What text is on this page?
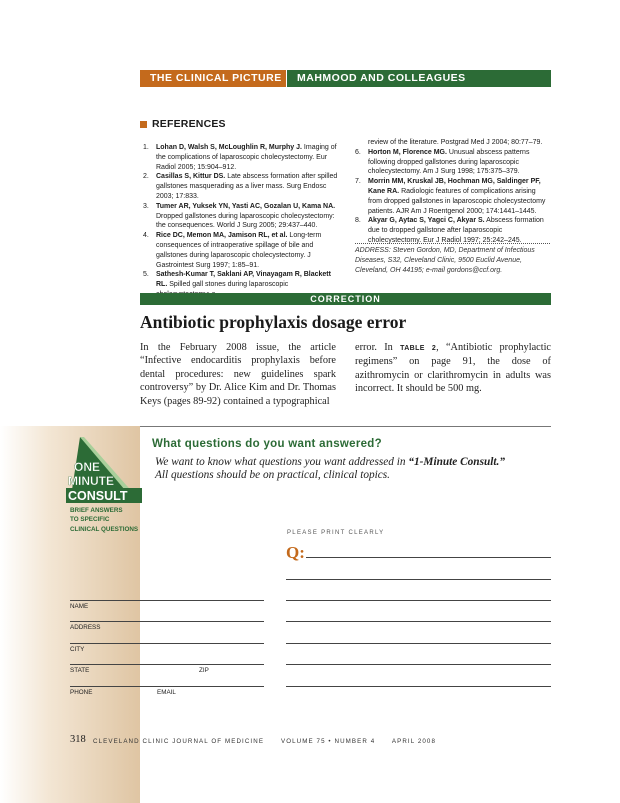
THE CLINICAL PICTURE	MAHMOOD AND COLLEAGUES
REFERENCES
1.	Lohan D, Walsh S, McLoughlin R, Murphy J. Imaging of the complications of laparoscopic cholecystectomy. Eur Radiol 2005; 15:904–912.
2.	Casillas S, Kittur DS. Late abscess formation after spilled gallstones masquerading as a liver mass. Surg Endosc 2003; 17:833.
3.	Tumer AR, Yuksek YN, Yasti AC, Gozalan U, Kama NA. Dropped gallstones during laparoscopic cholecystectomy: the consequences. World J Surg 2005; 29:437–440.
4.	Rice DC, Memon MA, Jamison RL, et al. Long-term consequences of intraoperative spillage of bile and gallstones during laparoscopic cholecystectomy. J Gastrointest Surg 1997; 1:85–91.
5.	Sathesh-Kumar T, Saklani AP, Vinayagam R, Blackett RL. Spilled gall stones during laparoscopic
review of the literature. Postgrad Med J 2004; 80:77–79.
6.	Horton M, Florence MG. Unusual abscess patterns following dropped gallstones during laparoscopic cholecystectomy. Am J Surg 1998; 175:375–379.
7.	Morrin MM, Kruskal JB, Hochman MG, Saldinger PF, Kane RA. Radiologic features of complications arising from dropped gallstones in laparoscopic cholecystectomy patients. AJR Am J Roentgenol 2000; 174:1441–1445.
8.	Akyar G, Aytac S, Yagci C, Akyar S. Abscess formation due to dropped gallstone after laparoscopic cholecystectomy. Eur J Radiol 1997; 25:242–245.
ADDRESS: Steven Gordon, MD, Department of Infectious Diseases, S32, Cleveland Clinic, 9500 Euclid Avenue, Cleveland, OH 44195; e-mail gordons@ccf.org.
CORRECTION
Antibiotic prophylaxis dosage error
In the February 2008 issue, the article “Infective endocarditis prophylaxis before dental procedures: new guidelines spark controversy” by Dr. Alice Kim and Dr. Thomas Keys (pages 89-92) contained a typographical
error. In TABLE 2, “Antibiotic prophylactic regimens” on page 91, the dose of azithromycin or clarithromycin in adults was incorrect. It should be 500 mg.
ONE
MINUTE
CONSULT
BRIEF ANSWERS
TO SPECIFIC
CLINICAL QUESTIONS
What questions do you want answered?
We want to know what questions you want addressed in “1-Minute Consult.”
All questions should be on practical, clinical topics.
PLEASE PRINT CLEARLY
Q:
NAME
ADDRESS
CITY
STATE	ZIP
PHONE	EMAIL
318 CLEVELAND CLINIC JOURNAL OF MEDICINE	VOLUME 75 • NUMBER 4	APRIL 2008
